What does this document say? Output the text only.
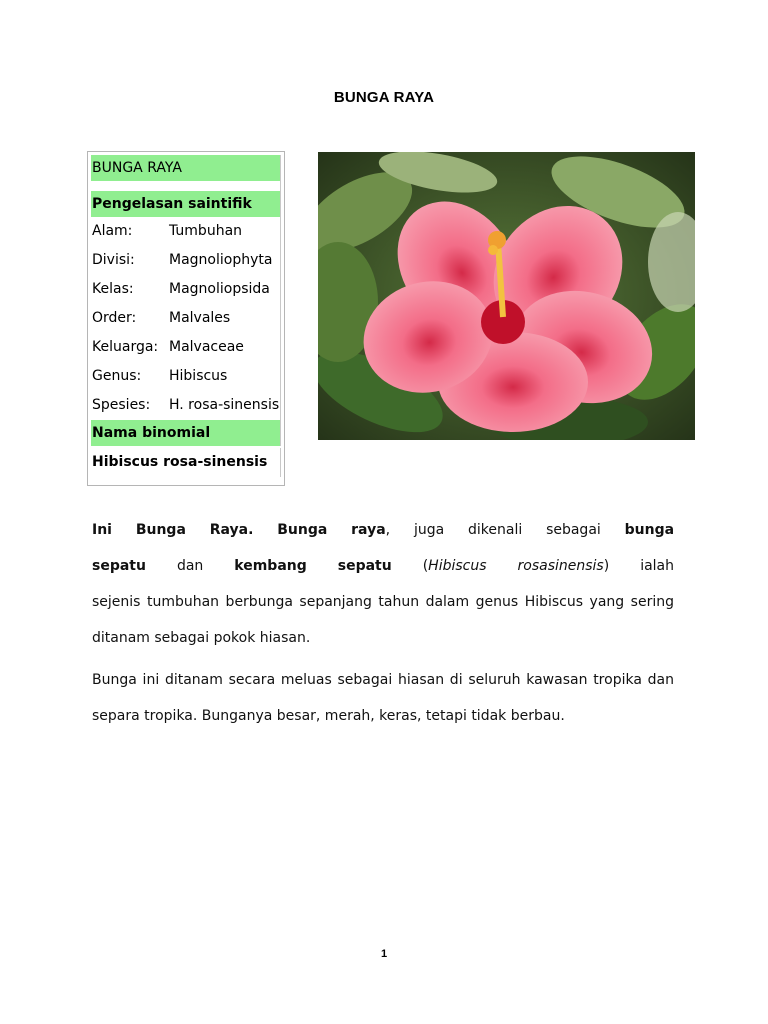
BUNGA RAYA
BUNGA RAYA
Pengelasan saintifik
Alam:	Tumbuhan
Divisi: Magnoliophyta
Kelas:	Magnoliopsida
Order: Malvales
Keluarga: Malvaceae
Genus: Hibiscus
Spesies: H. rosa-sinensis
Nama binomial
Hibiscus rosa-sinensis
Ini Bunga Raya. Bunga raya, juga dikenali sebagai bunga
sepatu dan kembang sepatu (Hibiscus rosasinensis) ialah
sejenis tumbuhan berbunga sepanjang tahun dalam genus Hibiscus yang sering
ditanam sebagai pokok hiasan.
Bunga ini ditanam secara meluas sebagai hiasan di seluruh kawasan tropika dan
separa tropika. Bunganya besar, merah, keras, tetapi tidak berbau.
1
